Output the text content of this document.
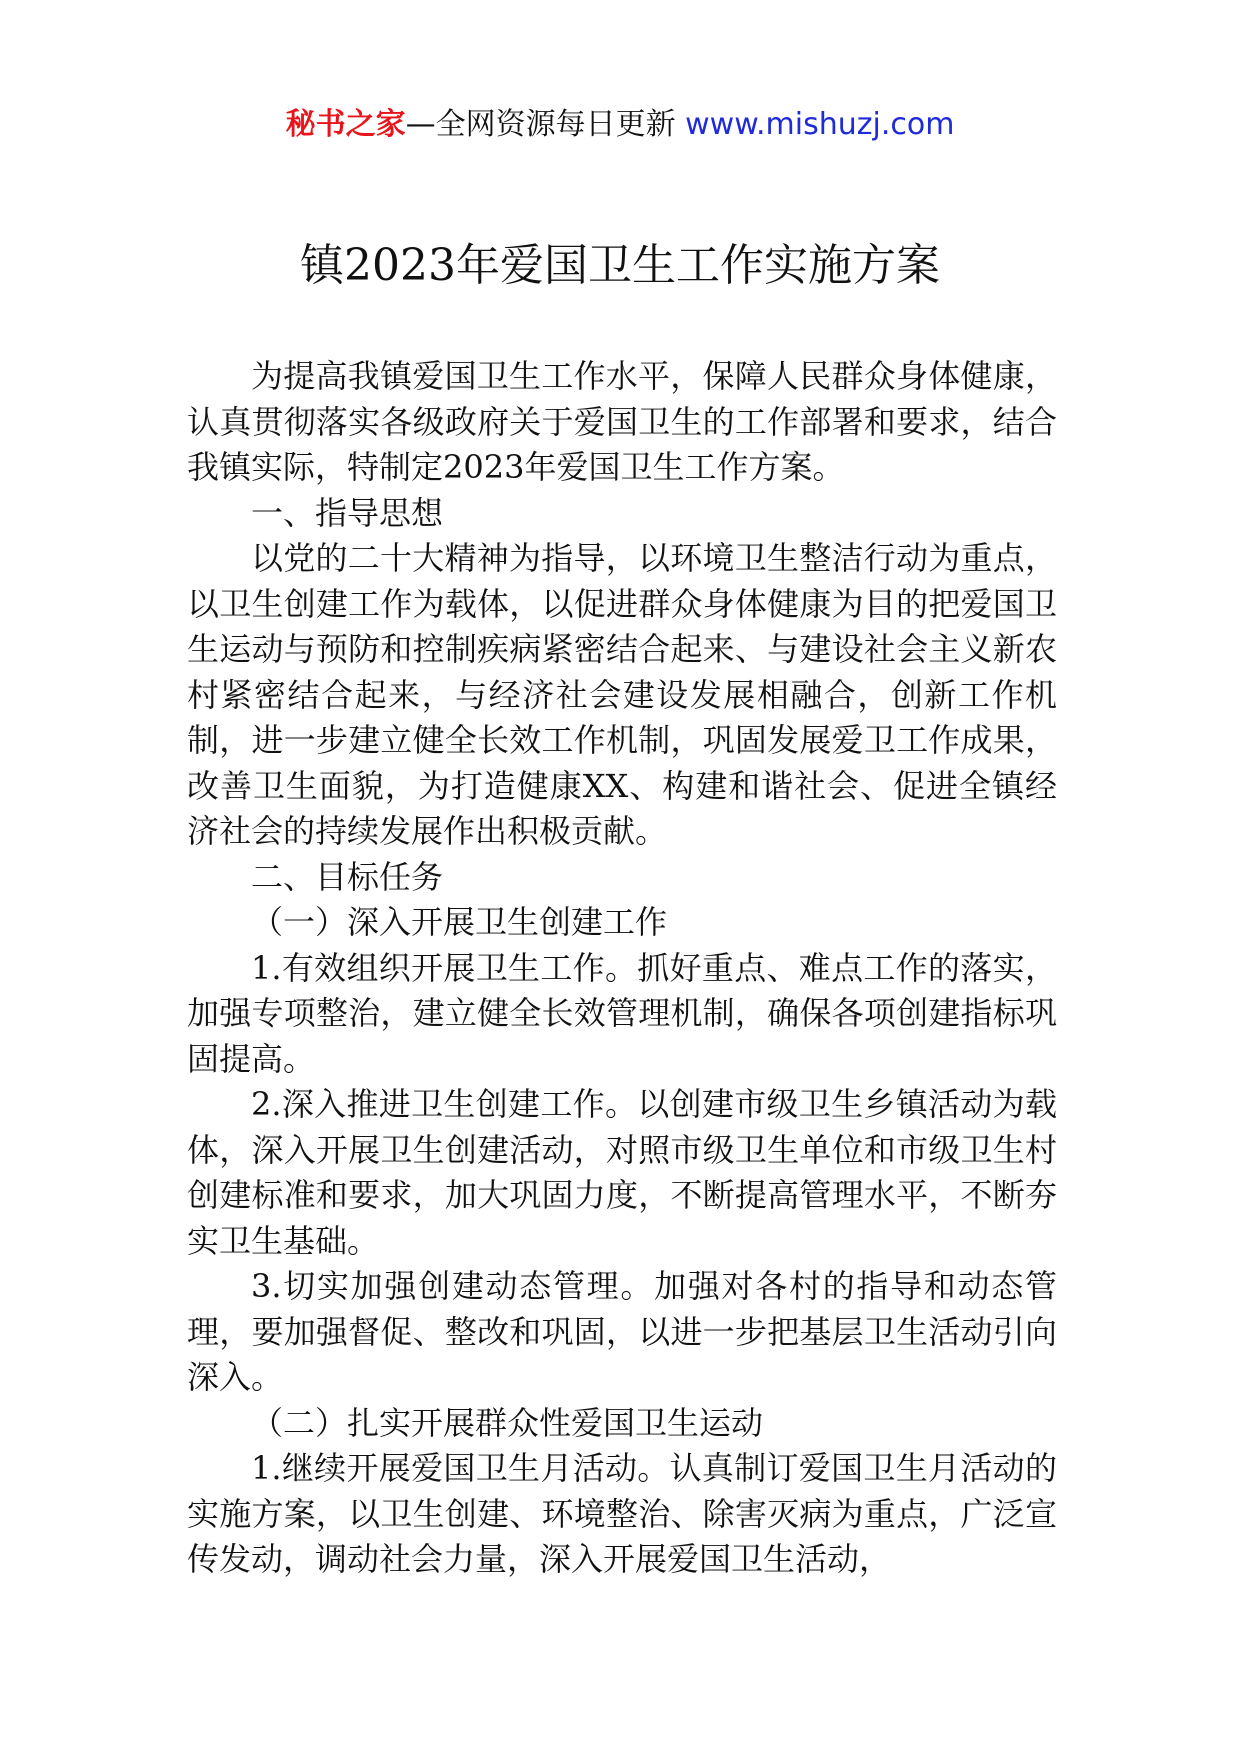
秘书之家—全网资源每日更新 www.mishuzj.com
镇2023年爱国卫生工作实施方案

为提高我镇爱国卫生工作水平，保障人民群众身体健康，认真贯彻落实各级政府关于爱国卫生的工作部署和要求，结合我镇实际，特制定2023年爱国卫生工作方案。

一、指导思想

以党的二十大精神为指导，以环境卫生整洁行动为重点，以卫生创建工作为载体，以促进群众身体健康为目的把爱国卫生运动与预防和控制疾病紧密结合起来、与建设社会主义新农村紧密结合起来，与经济社会建设发展相融合，创新工作机制，进一步建立健全长效工作机制，巩固发展爱卫工作成果，改善卫生面貌，为打造健康XX、构建和谐社会、促进全镇经济社会的持续发展作出积极贡献。

二、目标任务

（一）深入开展卫生创建工作

1.有效组织开展卫生工作。抓好重点、难点工作的落实，加强专项整治，建立健全长效管理机制，确保各项创建指标巩固提高。

2.深入推进卫生创建工作。以创建市级卫生乡镇活动为载体，深入开展卫生创建活动，对照市级卫生单位和市级卫生村创建标准和要求，加大巩固力度，不断提高管理水平，不断夯实卫生基础。

3.切实加强创建动态管理。加强对各村的指导和动态管理，要加强督促、整改和巩固，以进一步把基层卫生活动引向深入。

（二）扎实开展群众性爱国卫生运动

1.继续开展爱国卫生月活动。认真制订爱国卫生月活动的实施方案，以卫生创建、环境整治、除害灭病为重点，广泛宣传发动，调动社会力量，深入开展爱国卫生活动，
